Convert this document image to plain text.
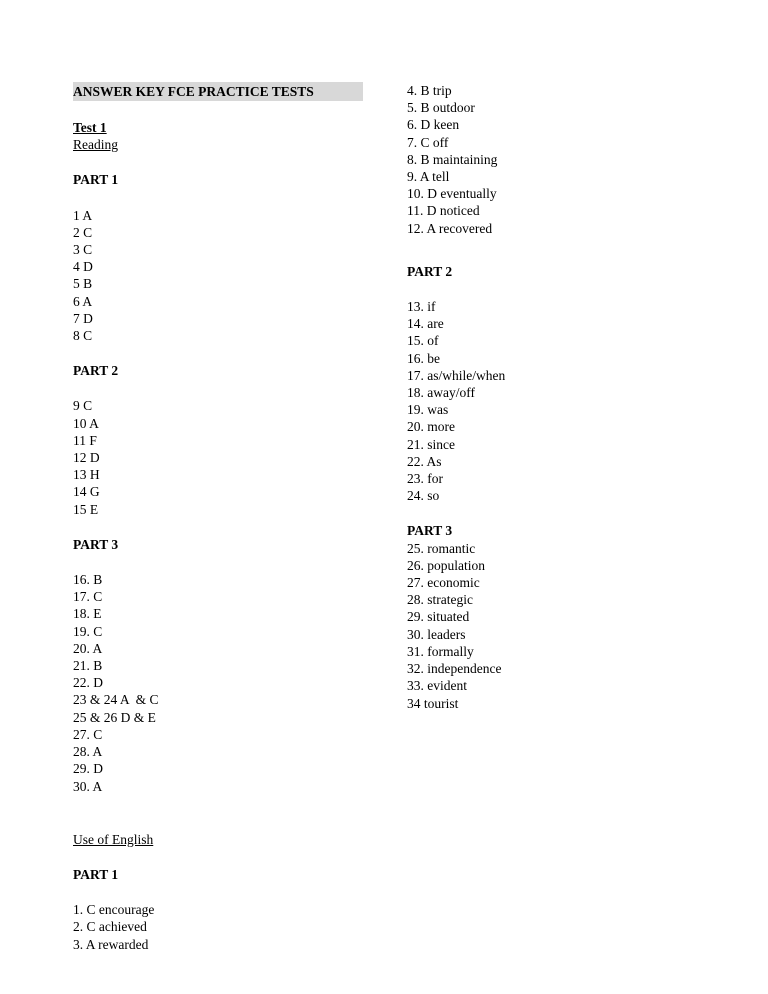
ANSWER KEY FCE PRACTICE TESTS
Test 1
Reading
PART 1
1 A
2 C
3 C
4 D
5 B
6 A
7 D
8 C
PART 2
9 C
10 A
11 F
12 D
13 H
14 G
15 E
PART 3
16. B
17. C
18. E
19. C
20. A
21. B
22. D
23 & 24 A  & C
25 & 26 D & E
27. C
28. A
29. D
30. A
Use of English
PART 1
1. C encourage
2. C achieved
3. A rewarded
4. B trip
5. B outdoor
6. D keen
7. C off
8. B maintaining
9. A tell
10. D eventually
11. D noticed
12. A recovered
PART 2
13. if
14. are
15. of
16. be
17. as/while/when
18. away/off
19. was
20. more
21. since
22. As
23. for
24. so
PART 3
25. romantic
26. population
27. economic
28. strategic
29. situated
30. leaders
31. formally
32. independence
33. evident
34 tourist
